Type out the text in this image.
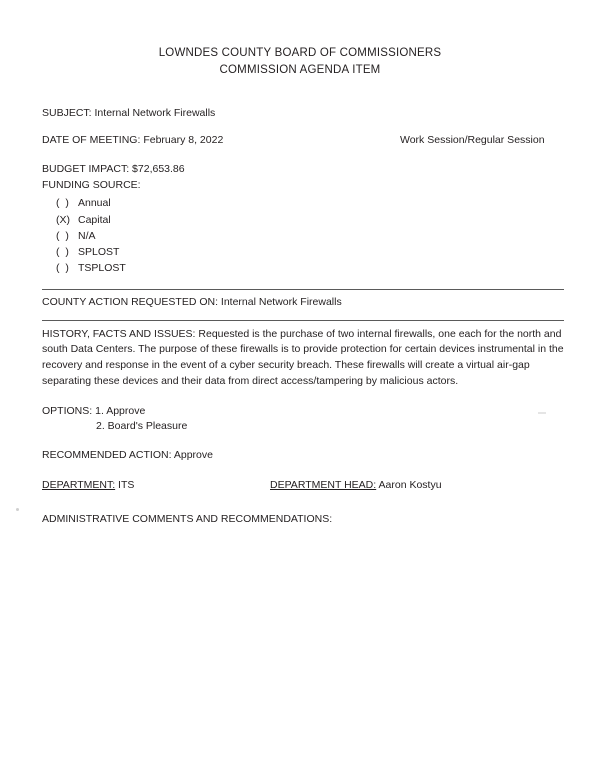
LOWNDES COUNTY BOARD OF COMMISSIONERS
COMMISSION AGENDA ITEM
SUBJECT: Internal Network Firewalls
DATE OF MEETING: February 8, 2022	Work Session/Regular Session
BUDGET IMPACT: $72,653.86
FUNDING SOURCE:
(  ) Annual
(X) Capital
(  ) N/A
(  ) SPLOST
(  ) TSPLOST
COUNTY ACTION REQUESTED ON: Internal Network Firewalls
HISTORY, FACTS AND ISSUES: Requested is the purchase of two internal firewalls, one each for the north and south Data Centers. The purpose of these firewalls is to provide protection for certain devices instrumental in the recovery and response in the event of a cyber security breach. These firewalls will create a virtual air-gap separating these devices and their data from direct access/tampering by malicious actors.
OPTIONS: 1. Approve
2. Board's Pleasure
RECOMMENDED ACTION: Approve
DEPARTMENT: ITS	DEPARTMENT HEAD: Aaron Kostyu
ADMINISTRATIVE COMMENTS AND RECOMMENDATIONS:
